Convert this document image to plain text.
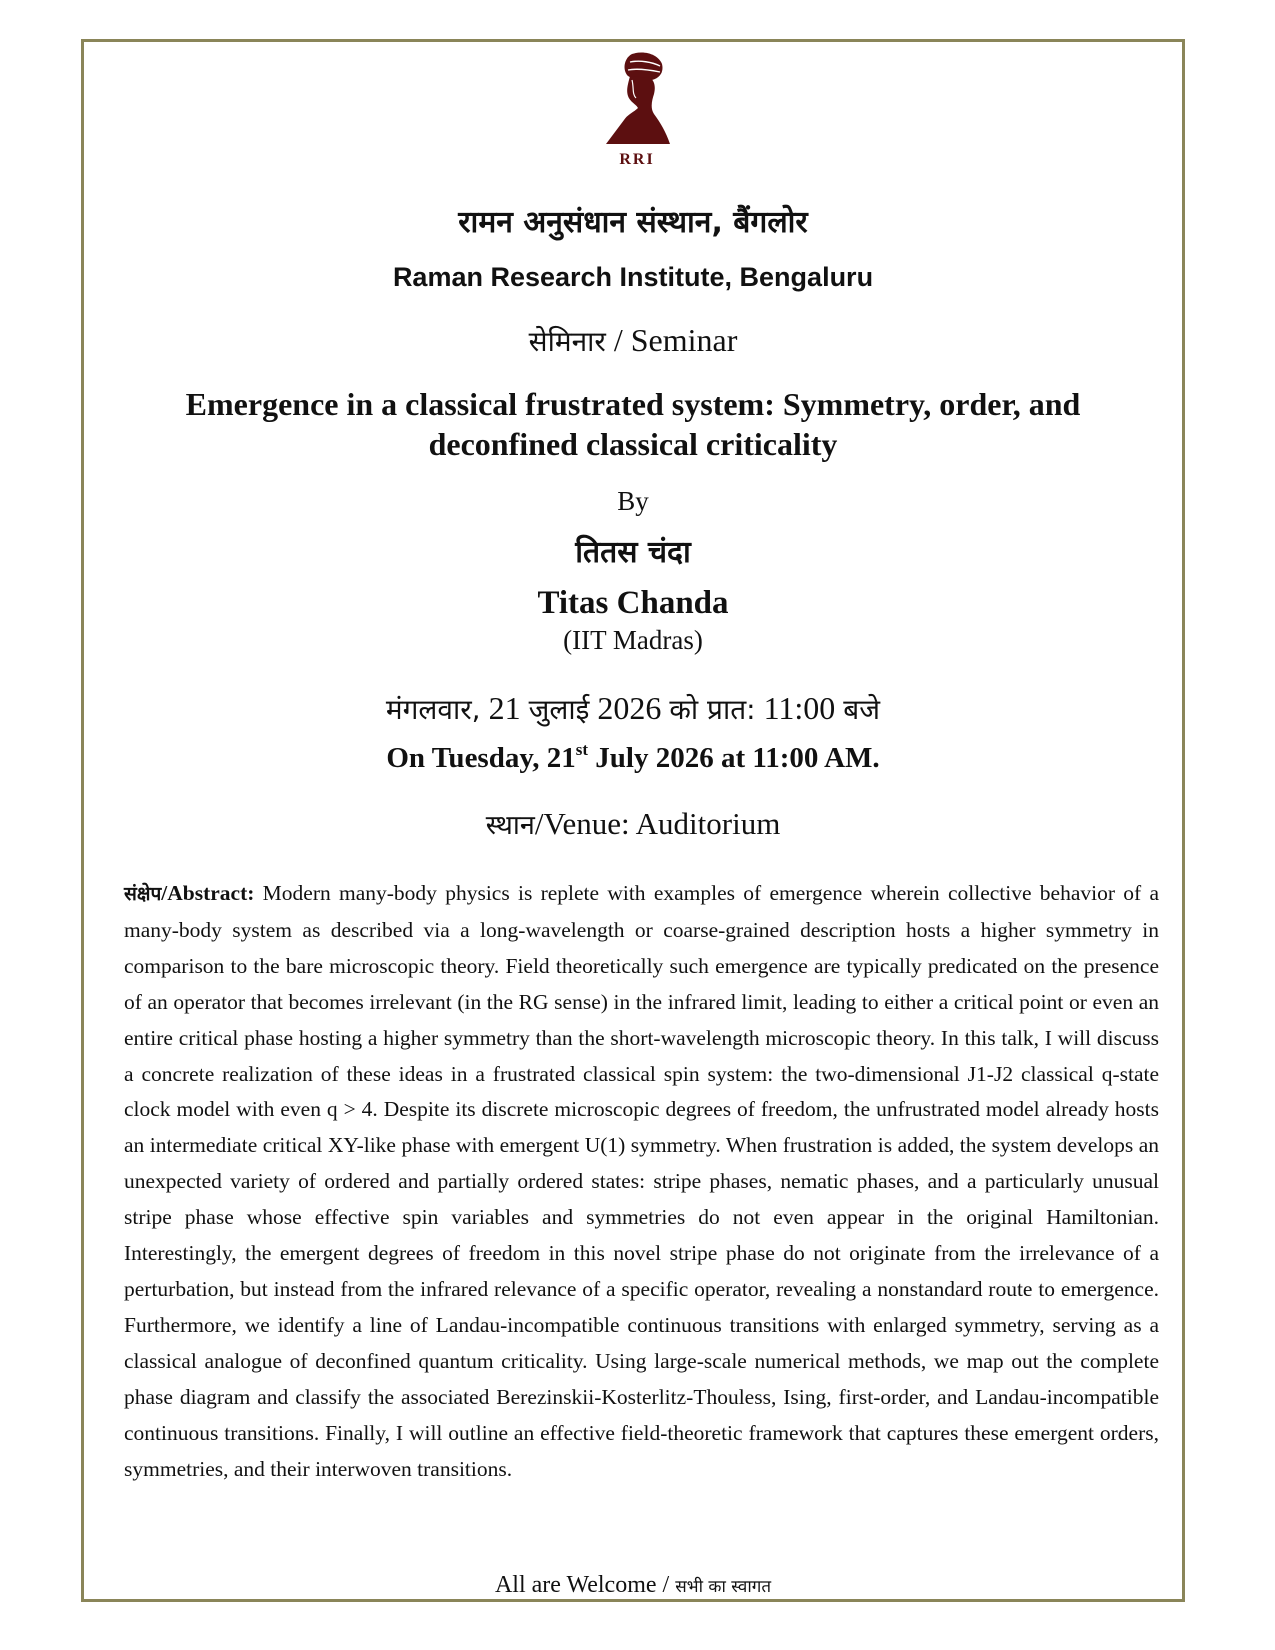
RRI
रामन अनुसंधान संस्थान, बैंगलोर
Raman Research Institute, Bengaluru
सेमिनार / Seminar
Emergence in a classical frustrated system: Symmetry, order, and deconfined classical criticality
By
तितस चंदा
Titas Chanda
(IIT Madras)
मंगलवार, 21 जुलाई 2026 को प्रात: 11:00 बजे
On Tuesday, 21st July 2026 at 11:00 AM.
स्थान/Venue: Auditorium
संक्षेप/Abstract: Modern many-body physics is replete with examples of emergence wherein collective behavior of a many-body system as described via a long-wavelength or coarse-grained description hosts a higher symmetry in comparison to the bare microscopic theory. Field theoretically such emergence are typically predicated on the presence of an operator that becomes irrelevant (in the RG sense) in the infrared limit, leading to either a critical point or even an entire critical phase hosting a higher symmetry than the short-wavelength microscopic theory. In this talk, I will discuss a concrete realization of these ideas in a frustrated classical spin system: the two-dimensional J1-J2 classical q-state clock model with even q > 4. Despite its discrete microscopic degrees of freedom, the unfrustrated model already hosts an intermediate critical XY-like phase with emergent U(1) symmetry. When frustration is added, the system develops an unexpected variety of ordered and partially ordered states: stripe phases, nematic phases, and a particularly unusual stripe phase whose effective spin variables and symmetries do not even appear in the original Hamiltonian. Interestingly, the emergent degrees of freedom in this novel stripe phase do not originate from the irrelevance of a perturbation, but instead from the infrared relevance of a specific operator, revealing a nonstandard route to emergence. Furthermore, we identify a line of Landau-incompatible continuous transitions with enlarged symmetry, serving as a classical analogue of deconfined quantum criticality. Using large-scale numerical methods, we map out the complete phase diagram and classify the associated Berezinskii-Kosterlitz-Thouless, Ising, first-order, and Landau-incompatible continuous transitions. Finally, I will outline an effective field-theoretic framework that captures these emergent orders, symmetries, and their interwoven transitions.
All are Welcome / सभी का स्वागत
